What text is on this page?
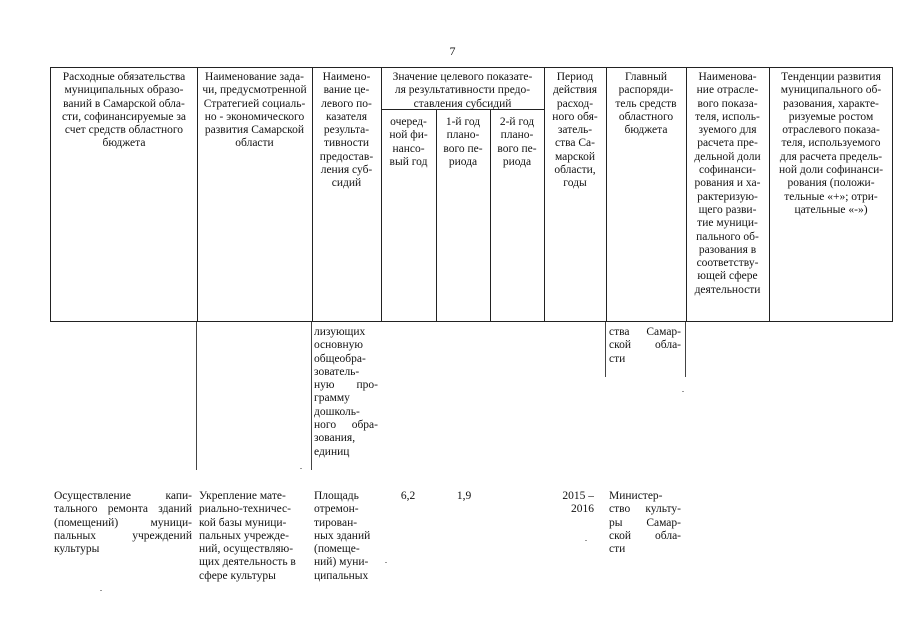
7
Расходные обязательства
муниципальных образо-
ваний в Самарской обла-
сти, софинансируемые за
счет средств областного
бюджета
Наименование зада-
чи, предусмотренной
Стратегией социаль-
но - экономического
развития Самарской
области
Наимено-
вание це-
левого по-
казателя
результа-
тивности
предостав-
ления суб-
сидий
Значение целевого показате-
ля результативности предо-
ставления субсидий
очеред-
ной фи-
нансо-
вый год
1-й год
плано-
вого пе-
риода
2-й год
плано-
вого пе-
риода
Период
действия
расход-
ного обя-
затель-
ства Са-
марской
области,
годы
Главный
распоряди-
тель средств
областного
бюджета
Наименова-
ние отрасле-
вого показа-
теля, исполь-
зуемого для
расчета пре-
дельной доли
софинанси-
рования и ха-
рактеризую-
щего разви-
тие муници-
пального об-
разования в
соответству-
ющей сфере
деятельности
Тенденции развития
муниципального об-
разования, характе-
ризуемые ростом
отраслевого показа-
теля, используемого
для расчета предель-
ной доли софинанси-
рования (положи-
тельные «+»; отри-
цательные «-»)
лизующих
основную
общеобра-
зователь-
ную про-
грамму
дошколь-
ного обра-
зования,
единиц
ства Самар-
ской обла-
сти
Осуществление капи-
тального ремонта зданий
(помещений) муници-
пальных учреждений
культуры
Укрепление мате-
риально-техничес-
кой базы муници-
пальных учрежде-
ний, осуществляю-
щих деятельность в
сфере культуры
Площадь
отремон-
тирован-
ных зданий
(помеще-
ний) муни-
ципальных
6,2	1,9	2015 –
2016
Министер-
ство культу-
ры Самар-
ской обла-
сти
